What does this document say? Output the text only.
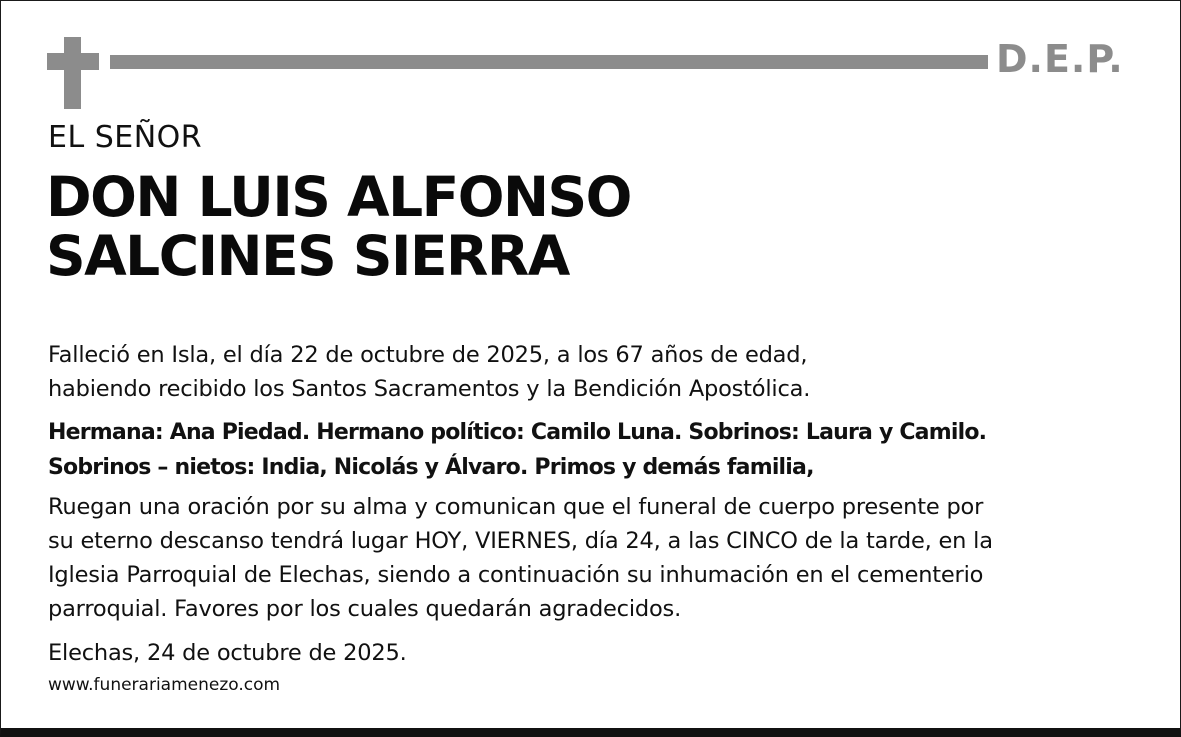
D.E.P.
EL SEÑOR
DON LUIS ALFONSO
SALCINES SIERRA
Falleció en Isla, el día 22 de octubre de 2025, a los 67 años de edad,
habiendo recibido los Santos Sacramentos y la Bendición Apostólica.
Hermana: Ana Piedad. Hermano político: Camilo Luna. Sobrinos: Laura y Camilo.
Sobrinos – nietos: India, Nicolás y Álvaro. Primos y demás familia,
Ruegan una oración por su alma y comunican que el funeral de cuerpo presente por
su eterno descanso tendrá lugar HOY, VIERNES, día 24, a las CINCO de la tarde, en la
Iglesia Parroquial de Elechas, siendo a continuación su inhumación en el cementerio
parroquial. Favores por los cuales quedarán agradecidos.
Elechas, 24 de octubre de 2025.
www.funerariamenezo.com
